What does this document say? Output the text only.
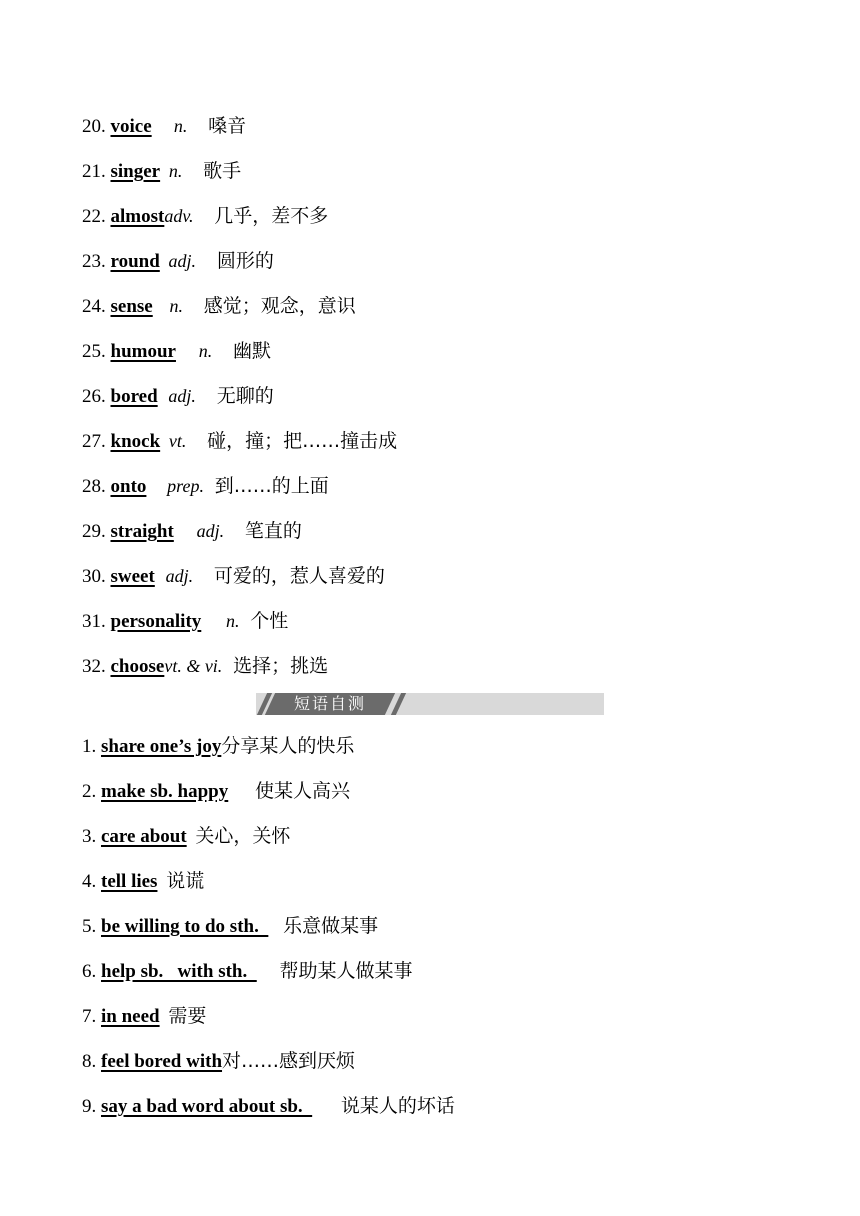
20. voice n. 嗓音
21. singer n. 歌手
22. almostadv. 几乎，差不多
23. round adj. 圆形的
24. sense n. 感觉；观念，意识
25. humour n. 幽默
26. bored adj. 无聊的
27. knock vt. 碰，撞；把……撞击成
28. onto prep. 到……的上面
29. straight adj. 笔直的
30. sweet adj. 可爱的，惹人喜爱的
31. personality n. 个性
32. choosevt. & vi. 选择；挑选
短语自测
1. share one’s joy分享某人的快乐
2. make sb. happy 使某人高兴
3. care about 关心，关怀
4. tell lies 说谎
5. be willing to do sth.   乐意做某事
6. help sb.   with sth.   帮助某人做某事
7. in need 需要
8. feel bored with对……感到厌烦
9. say a bad word about sb.   说某人的坏话
